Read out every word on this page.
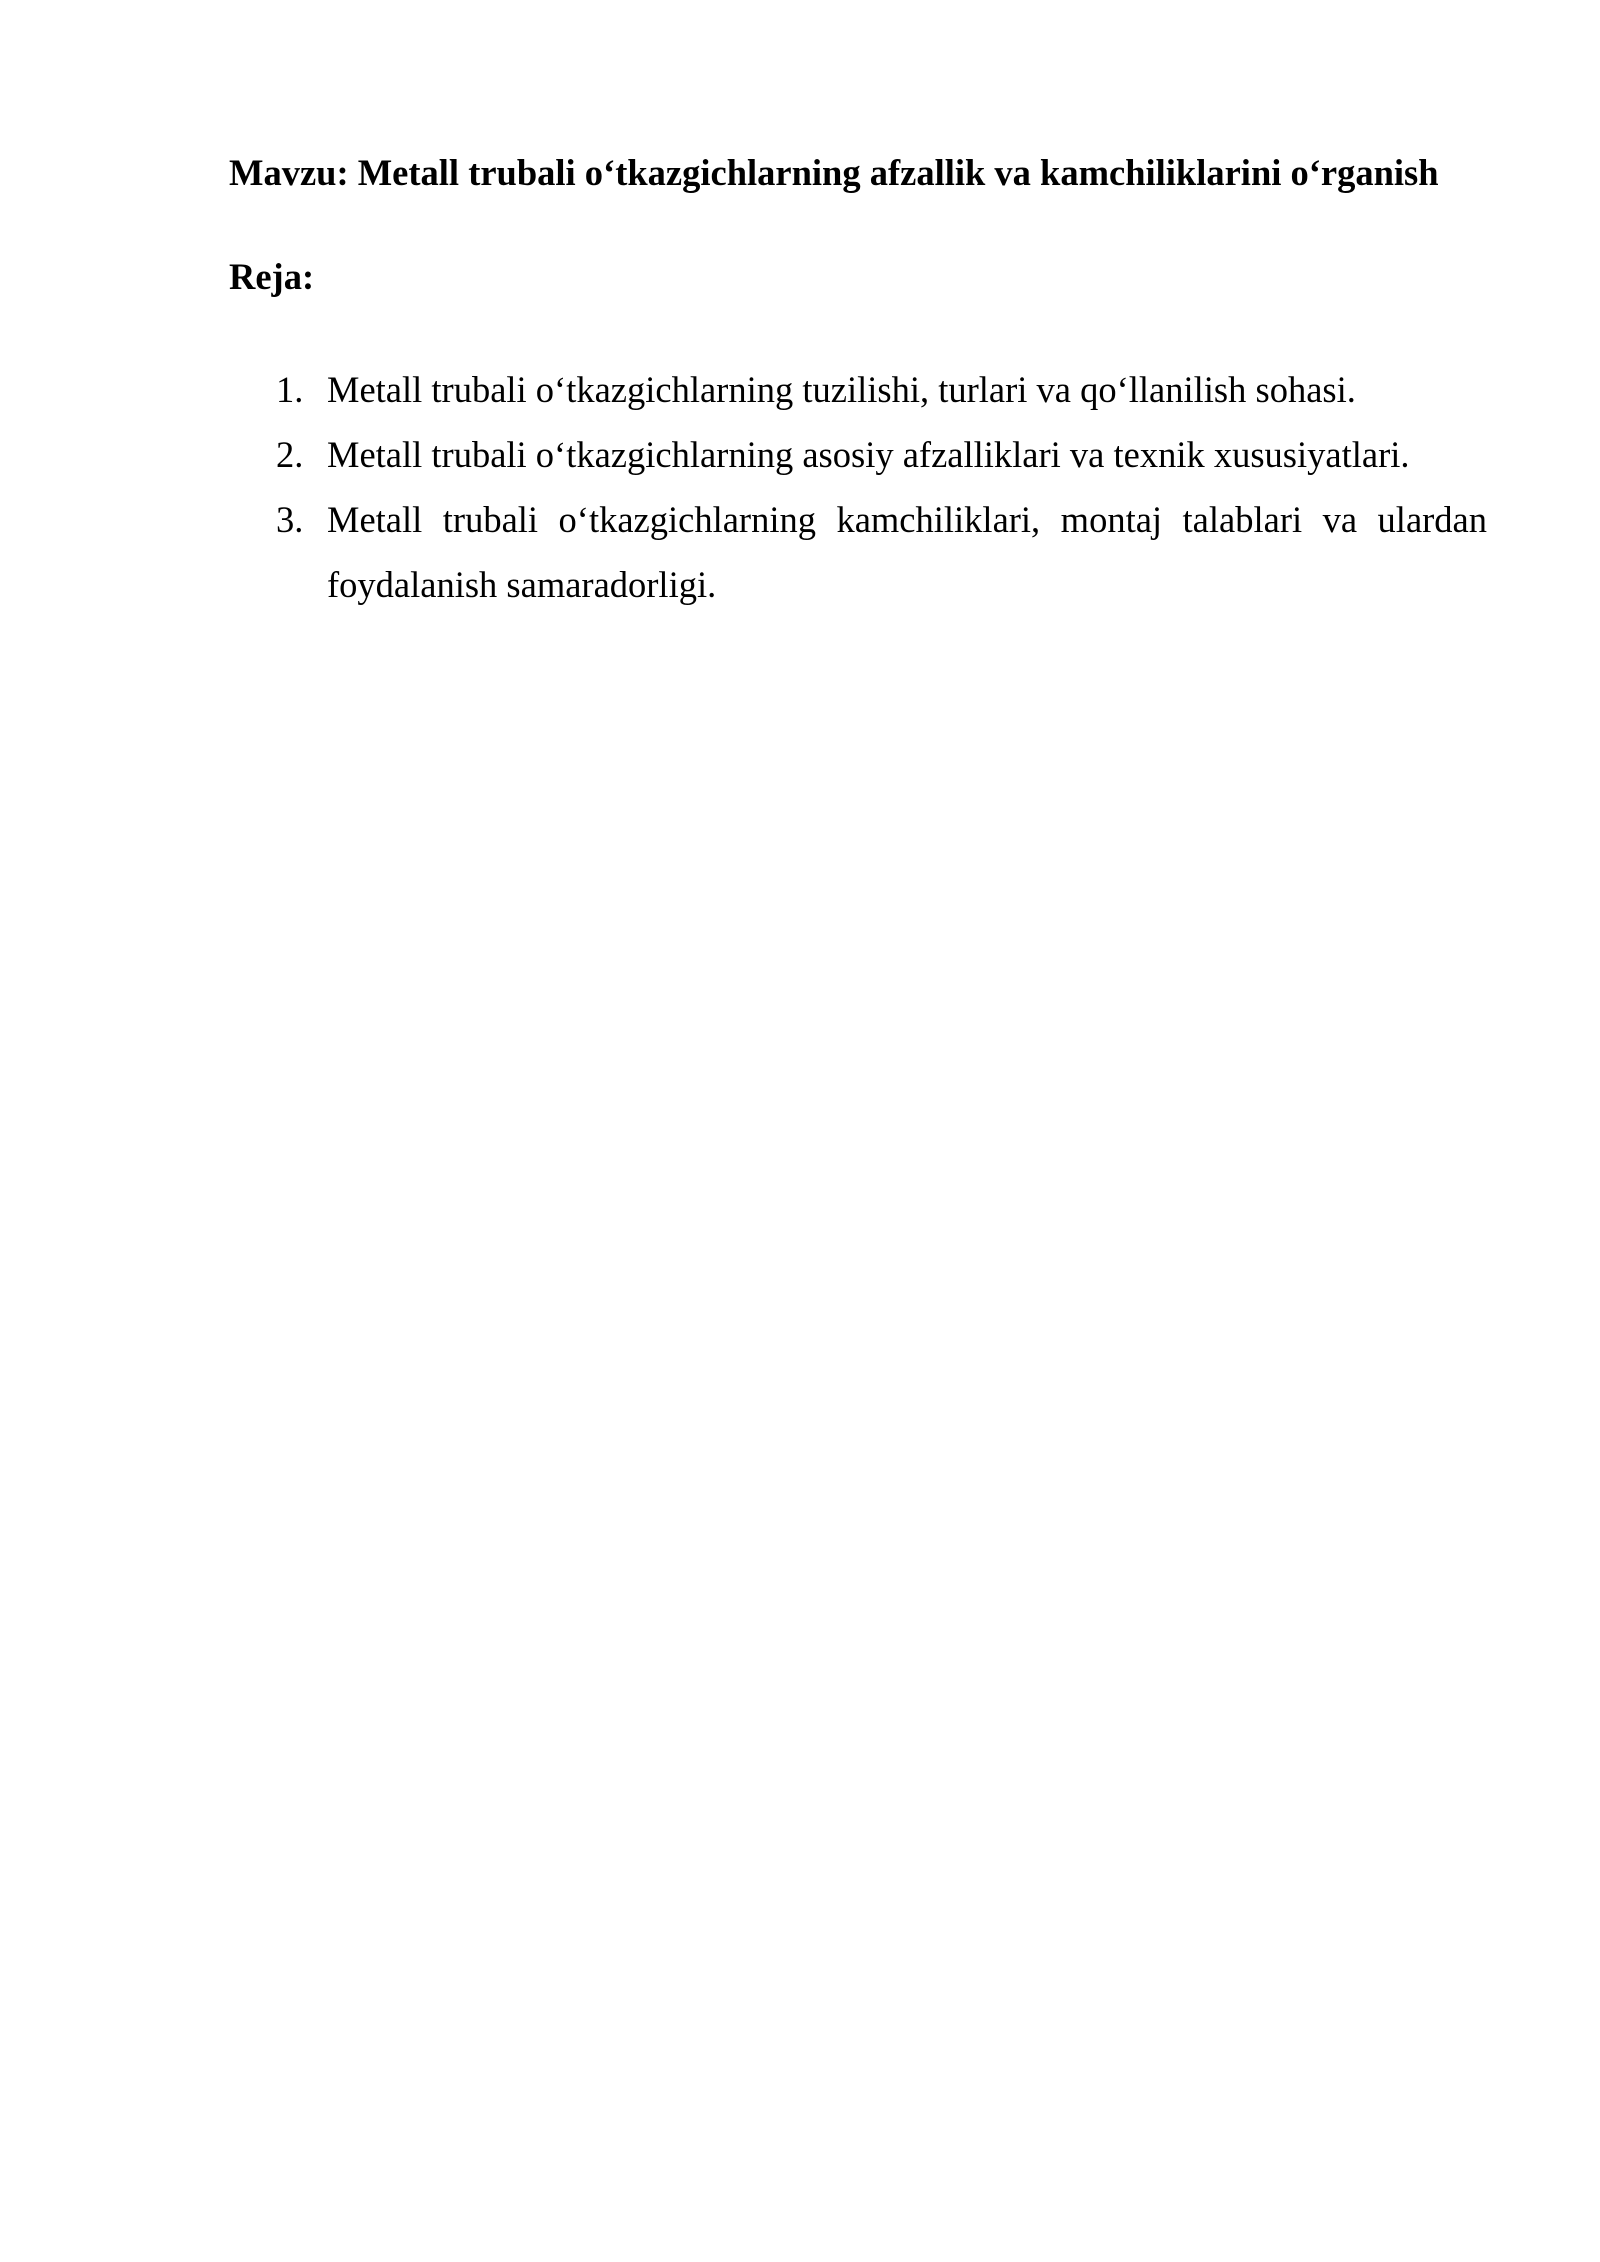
Mavzu: Metall trubali o‘tkazgichlarning afzallik va kamchiliklarini o‘rganish
Reja:
1. Metall trubali o‘tkazgichlarning tuzilishi, turlari va qo‘llanilish sohasi.
2. Metall trubali o‘tkazgichlarning asosiy afzalliklari va texnik xususiyatlari.
3. Metall trubali o‘tkazgichlarning kamchiliklari, montaj talablari va ulardan foydalanish samaradorligi.
